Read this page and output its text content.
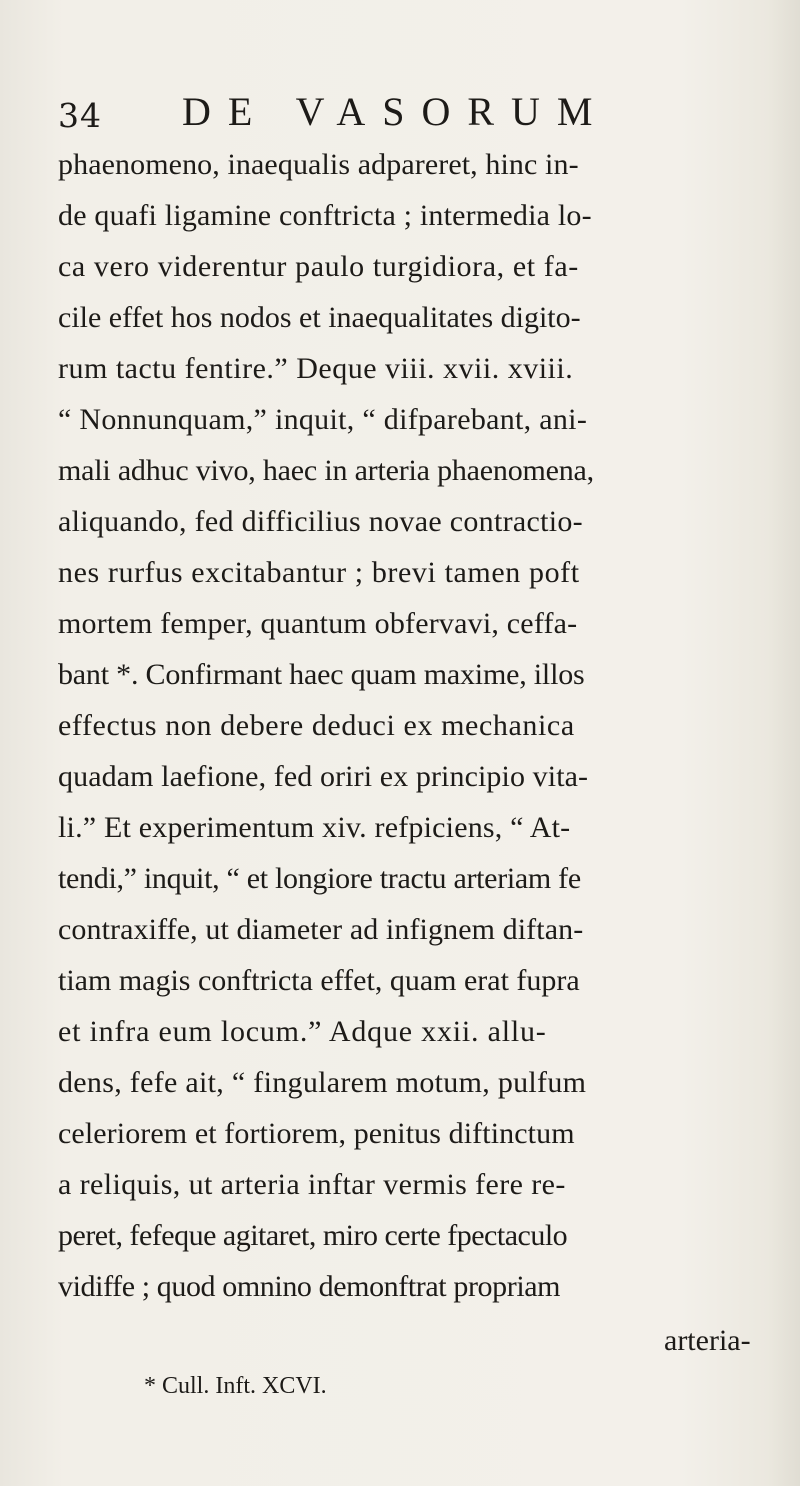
34 DE VASORUM
phaenomeno, inaequalis adpareret, hinc in-
de quafi ligamine conftricta ; intermedia lo-
ca vero viderentur paulo turgidiora, et fa-
cile effet hos nodos et inaequalitates digito-
rum tactu fentire.” Deque viii. xvii. xviii.
“ Nonnunquam,” inquit, “ difparebant, ani-
mali adhuc vivo, haec in arteria phaenomena,
aliquando, fed difficilius novae contractio-
nes rurfus excitabantur ; brevi tamen poft
mortem femper, quantum obfervavi, ceffa-
bant *. Confirmant haec quam maxime, illos
effectus non debere deduci ex mechanica
quadam laefione, fed oriri ex principio vita-
li.” Et experimentum xiv. refpiciens, “ At-
tendi,” inquit, “ et longiore tractu arteriam fe
contraxiffe, ut diameter ad infignem diftan-
tiam magis conftricta effet, quam erat fupra
et infra eum locum.” Adque xxii. allu-
dens, fefe ait, “ fingularem motum, pulfum
celeriorem et fortiorem, penitus diftinctum
a reliquis, ut arteria inftar vermis fere re-
peret, fefeque agitaret, miro certe fpectaculo
vidiffe ; quod omnino demonftrat propriam
arteria-
* Cull. Inft. XCVI.
